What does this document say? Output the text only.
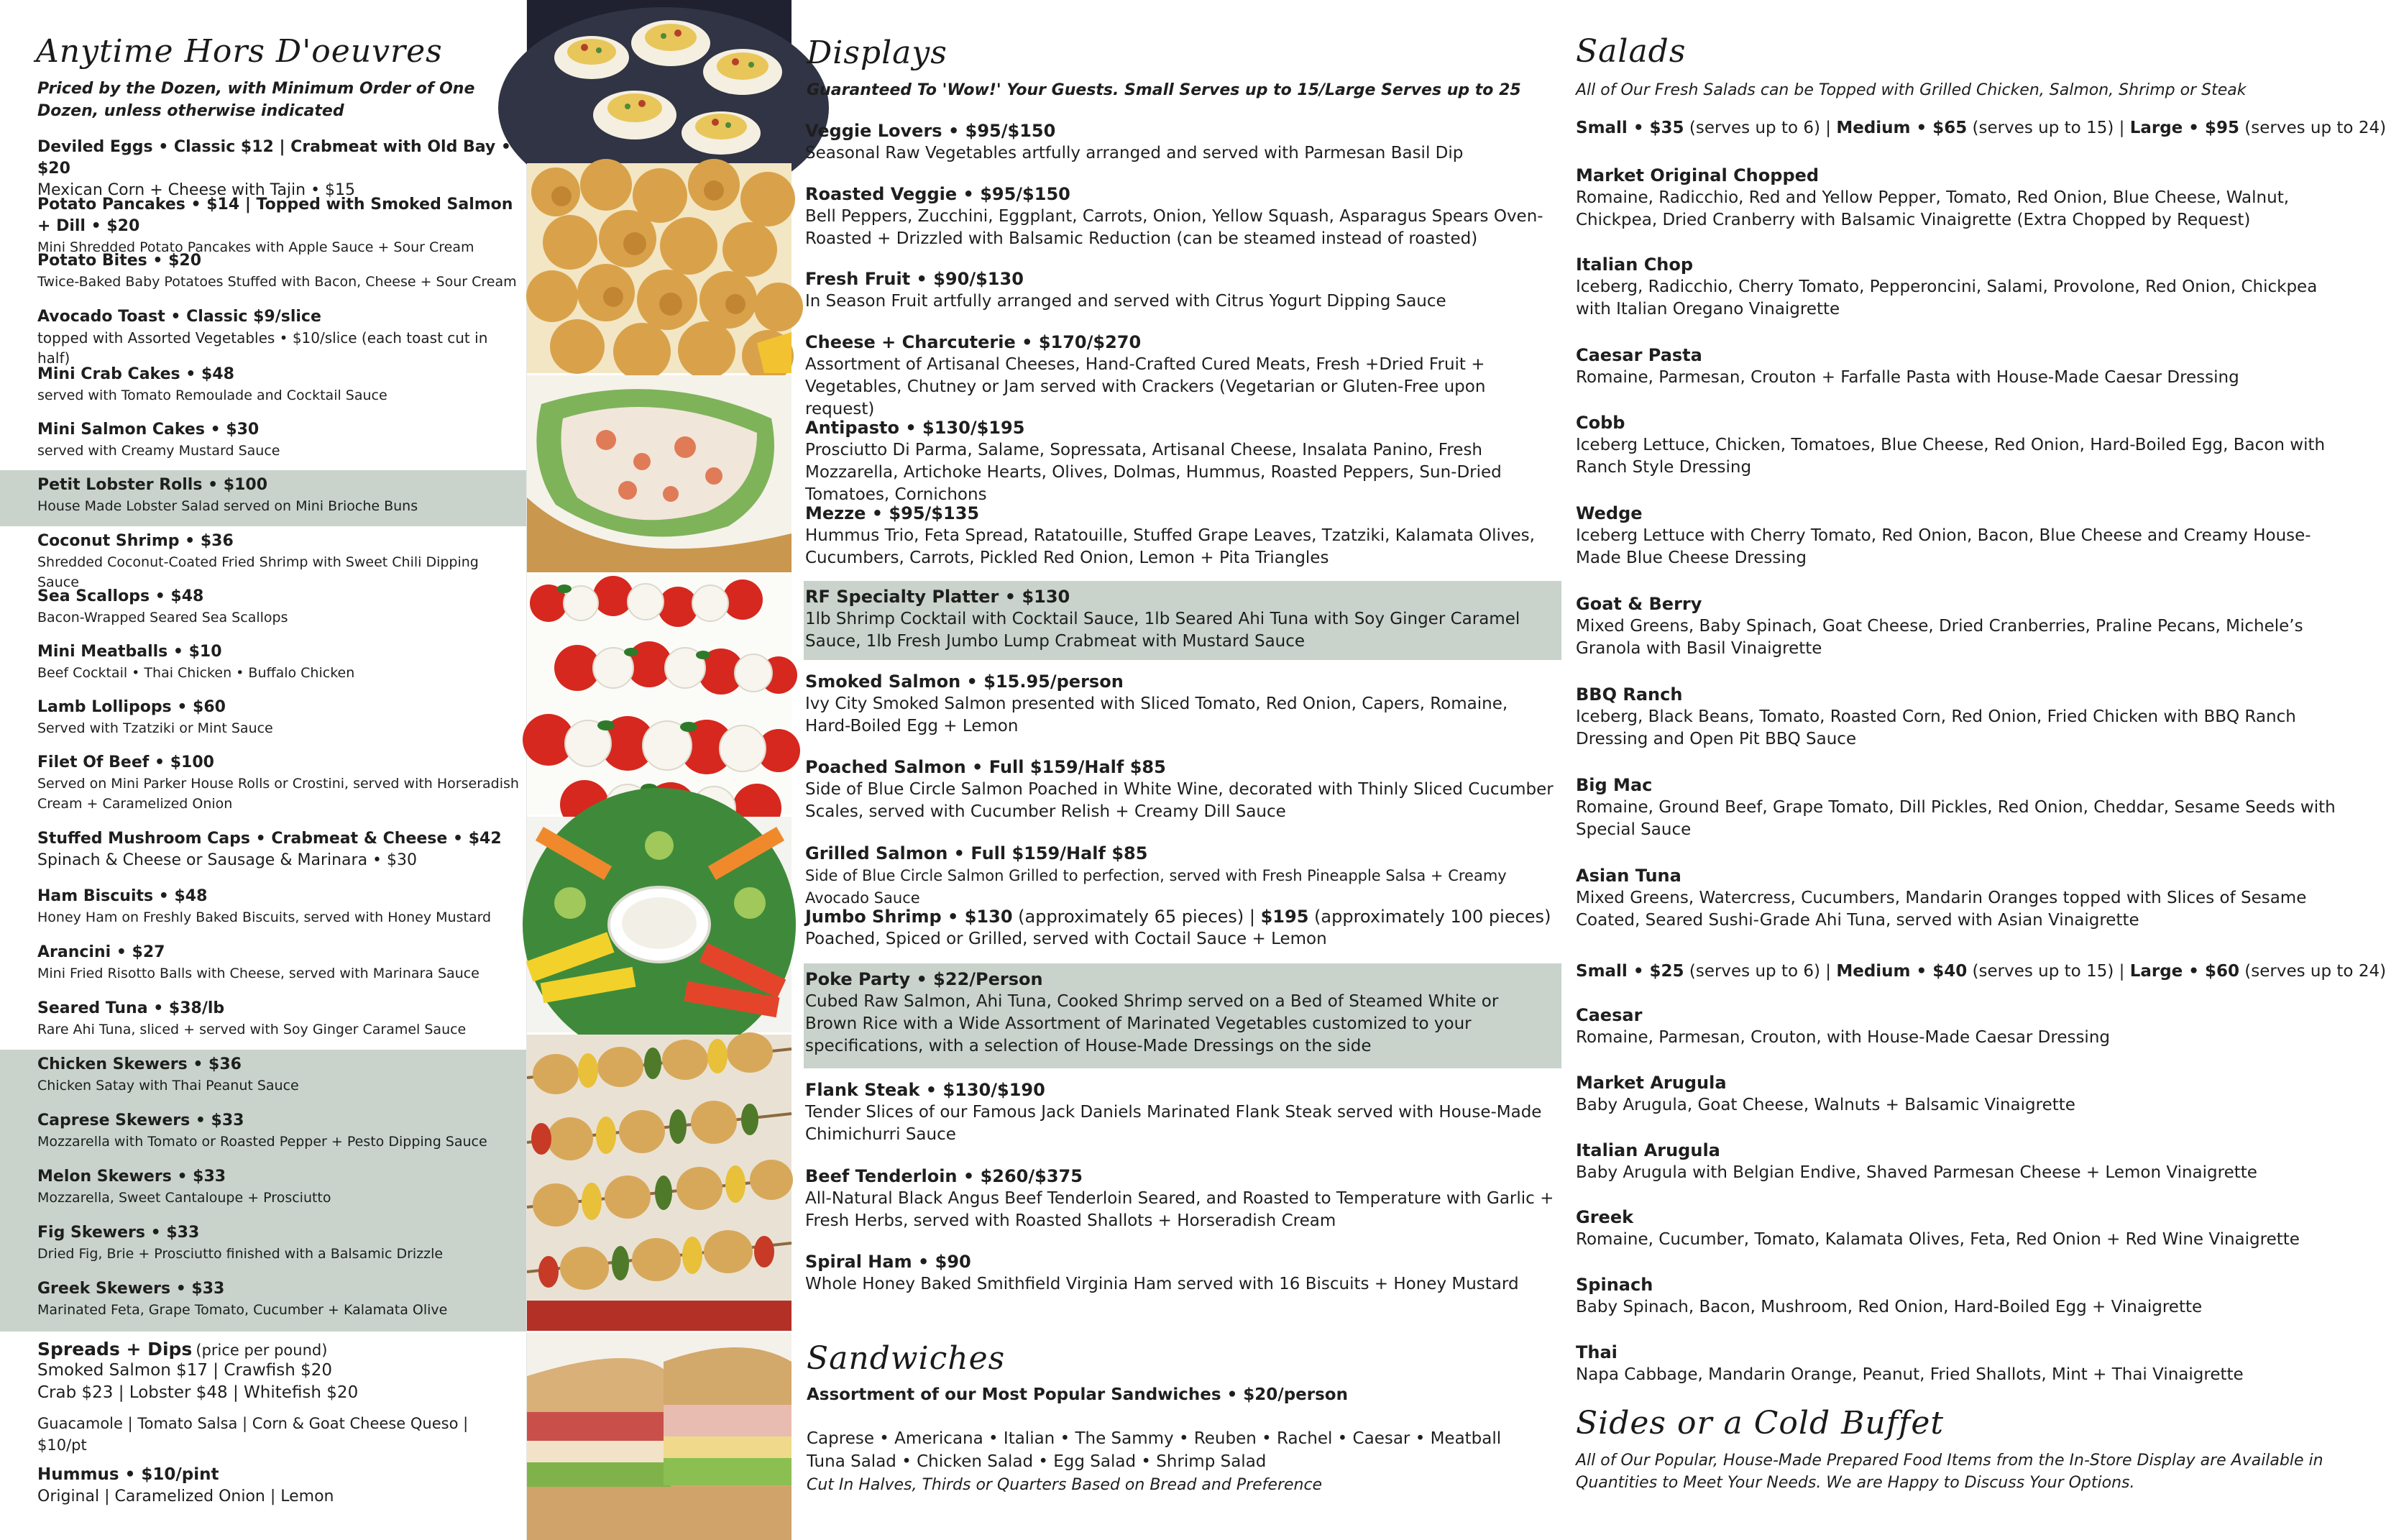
Anytime Hors D'oeuvres
Priced by the Dozen, with Minimum Order of One Dozen, unless otherwise indicated
Deviled Eggs • Classic $12 | Crabmeat with Old Bay • $20
Mexican Corn + Cheese with Tajin • $15
Potato Pancakes • $14 | Topped with Smoked Salmon + Dill • $20
Mini Shredded Potato Pancakes with Apple Sauce + Sour Cream
Potato Bites • $20
Twice-Baked Baby Potatoes Stuffed with Bacon, Cheese + Sour Cream
Avocado Toast • Classic $9/slice
topped with Assorted Vegetables • $10/slice (each toast cut in half)
Mini Crab Cakes • $48
served with Tomato Remoulade and Cocktail Sauce
Mini Salmon Cakes • $30
served with Creamy Mustard Sauce
Petit Lobster Rolls • $100
House Made Lobster Salad served on Mini Brioche Buns
Coconut Shrimp • $36
Shredded Coconut-Coated Fried Shrimp with Sweet Chili Dipping Sauce
Sea Scallops • $48
Bacon-Wrapped Seared Sea Scallops
Mini Meatballs • $10
Beef Cocktail • Thai Chicken • Buffalo Chicken
Lamb Lollipops • $60
Served with Tzatziki or Mint Sauce
Filet Of Beef • $100
Served on Mini Parker House Rolls or Crostini, served with Horseradish Cream + Caramelized Onion
Stuffed Mushroom Caps • Crabmeat & Cheese • $42
Spinach & Cheese or Sausage & Marinara • $30
Ham Biscuits • $48
Honey Ham on Freshly Baked Biscuits, served with Honey Mustard
Arancini • $27
Mini Fried Risotto Balls with Cheese, served with Marinara Sauce
Seared Tuna • $38/lb
Rare Ahi Tuna, sliced + served with Soy Ginger Caramel Sauce
Chicken Skewers • $36
Chicken Satay with Thai Peanut Sauce
Caprese Skewers • $33
Mozzarella with Tomato or Roasted Pepper + Pesto Dipping Sauce
Melon Skewers • $33
Mozzarella, Sweet Cantaloupe + Prosciutto
Fig Skewers • $33
Dried Fig, Brie + Prosciutto finished with a Balsamic Drizzle
Greek Skewers • $33
Marinated Feta, Grape Tomato, Cucumber + Kalamata Olive
Spreads + Dips (price per pound)
Smoked Salmon $17 | Crawfish $20
Crab $23 | Lobster $48 | Whitefish $20
Guacamole | Tomato Salsa | Corn & Goat Cheese Queso | $10/pt
Hummus • $10/pint
Original | Caramelized Onion | Lemon
Displays
Guaranteed To 'Wow!' Your Guests. Small Serves up to 15/Large Serves up to 25
Veggie Lovers • $95/$150
Seasonal Raw Vegetables artfully arranged and served with Parmesan Basil Dip
Roasted Veggie • $95/$150
Bell Peppers, Zucchini, Eggplant, Carrots, Onion, Yellow Squash, Asparagus Spears Oven-Roasted + Drizzled with Balsamic Reduction (can be steamed instead of roasted)
Fresh Fruit • $90/$130
In Season Fruit artfully arranged and served with Citrus Yogurt Dipping Sauce
Cheese + Charcuterie • $170/$270
Assortment of Artisanal Cheeses, Hand-Crafted Cured Meats, Fresh +Dried Fruit + Vegetables, Chutney or Jam served with Crackers (Vegetarian or Gluten-Free upon request)
Antipasto • $130/$195
Prosciutto Di Parma, Salame, Sopressata, Artisanal Cheese, Insalata Panino, Fresh Mozzarella, Artichoke Hearts, Olives, Dolmas, Hummus, Roasted Peppers, Sun-Dried Tomatoes, Cornichons
Mezze • $95/$135
Hummus Trio, Feta Spread, Ratatouille, Stuffed Grape Leaves, Tzatziki, Kalamata Olives, Cucumbers, Carrots, Pickled Red Onion, Lemon + Pita Triangles
RF Specialty Platter • $130
1lb Shrimp Cocktail with Cocktail Sauce, 1lb Seared Ahi Tuna with Soy Ginger Caramel Sauce, 1lb Fresh Jumbo Lump Crabmeat with Mustard Sauce
Smoked Salmon • $15.95/person
Ivy City Smoked Salmon presented with Sliced Tomato, Red Onion, Capers, Romaine, Hard-Boiled Egg + Lemon
Poached Salmon • Full $159/Half $85
Side of Blue Circle Salmon Poached in White Wine, decorated with Thinly Sliced Cucumber Scales, served with Cucumber Relish + Creamy Dill Sauce
Grilled Salmon • Full $159/Half $85
Side of Blue Circle Salmon Grilled to perfection, served with Fresh Pineapple Salsa + Creamy Avocado Sauce
Jumbo Shrimp • $130 (approximately 65 pieces) | $195 (approximately 100 pieces)
Poached, Spiced or Grilled, served with Coctail Sauce + Lemon
Poke Party • $22/Person
Cubed Raw Salmon, Ahi Tuna, Cooked Shrimp served on a Bed of Steamed White or Brown Rice with a Wide Assortment of Marinated Vegetables customized to your specifications, with a selection of House-Made Dressings on the side
Flank Steak • $130/$190
Tender Slices of our Famous Jack Daniels Marinated Flank Steak served with House-Made Chimichurri Sauce
Beef Tenderloin • $260/$375
All-Natural Black Angus Beef Tenderloin Seared, and Roasted to Temperature with Garlic + Fresh Herbs, served with Roasted Shallots + Horseradish Cream
Spiral Ham • $90
Whole Honey Baked Smithfield Virginia Ham served with 16 Biscuits + Honey Mustard
Sandwiches
Assortment of our Most Popular Sandwiches • $20/person
Caprese • Americana • Italian • The Sammy • Reuben • Rachel • Caesar • Meatball
Tuna Salad • Chicken Salad • Egg Salad • Shrimp Salad
Cut In Halves, Thirds or Quarters Based on Bread and Preference
Salads
All of Our Fresh Salads can be Topped with Grilled Chicken, Salmon, Shrimp or Steak
Small • $35 (serves up to 6) | Medium • $65 (serves up to 15) | Large • $95 (serves up to 24)
Market Original Chopped
Romaine, Radicchio, Red and Yellow Pepper, Tomato, Red Onion, Blue Cheese, Walnut, Chickpea, Dried Cranberry with Balsamic Vinaigrette (Extra Chopped by Request)
Italian Chop
Iceberg, Radicchio, Cherry Tomato, Pepperoncini, Salami, Provolone, Red Onion, Chickpea with Italian Oregano Vinaigrette
Caesar Pasta
Romaine, Parmesan, Crouton + Farfalle Pasta with House-Made Caesar Dressing
Cobb
Iceberg Lettuce, Chicken, Tomatoes, Blue Cheese, Red Onion, Hard-Boiled Egg, Bacon with Ranch Style Dressing
Wedge
Iceberg Lettuce with Cherry Tomato, Red Onion, Bacon, Blue Cheese and Creamy House-Made Blue Cheese Dressing
Goat & Berry
Mixed Greens, Baby Spinach, Goat Cheese, Dried Cranberries, Praline Pecans, Michele’s Granola with Basil Vinaigrette
BBQ Ranch
Iceberg, Black Beans, Tomato, Roasted Corn, Red Onion, Fried Chicken with BBQ Ranch Dressing and Open Pit BBQ Sauce
Big Mac
Romaine, Ground Beef, Grape Tomato, Dill Pickles, Red Onion, Cheddar, Sesame Seeds with Special Sauce
Asian Tuna
Mixed Greens, Watercress, Cucumbers, Mandarin Oranges topped with Slices of Sesame Coated, Seared Sushi-Grade Ahi Tuna, served with Asian Vinaigrette
Small • $25 (serves up to 6) | Medium • $40 (serves up to 15) | Large • $60 (serves up to 24)
Caesar
Romaine, Parmesan, Crouton, with House-Made Caesar Dressing
Market Arugula
Baby Arugula, Goat Cheese, Walnuts + Balsamic Vinaigrette
Italian Arugula
Baby Arugula with Belgian Endive, Shaved Parmesan Cheese + Lemon Vinaigrette
Greek
Romaine, Cucumber, Tomato, Kalamata Olives, Feta, Red Onion + Red Wine Vinaigrette
Spinach
Baby Spinach, Bacon, Mushroom, Red Onion, Hard-Boiled Egg + Vinaigrette
Thai
Napa Cabbage, Mandarin Orange, Peanut, Fried Shallots, Mint + Thai Vinaigrette
Sides or a Cold Buffet
All of Our Popular, House-Made Prepared Food Items from the In-Store Display are Available in Quantities to Meet Your Needs. We are Happy to Discuss Your Options.
